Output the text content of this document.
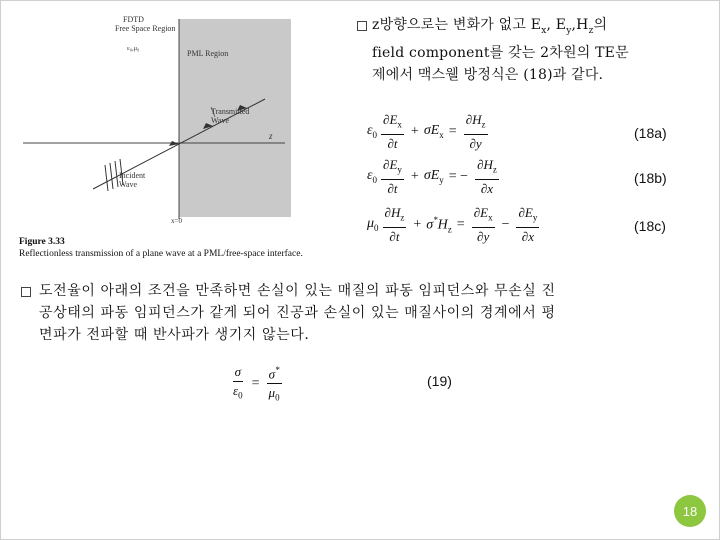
FDTD
Free Space Region
ε₀,μ₀
PML Region
Transmitted
Wave
Incident
Wave
z
x=0
Figure 3.33
Reflectionless transmission of a plane wave at a PML/free-space interface.
z방향으로는 변화가 없고 $E_x$, $E_y,H_z$의
field component를 갖는 2차원의 TE문
제에서 맥스웰 방정식은 (18)과 같다.
$\varepsilon_0 \frac{\partial E_x}{\partial t} + \sigma E_x = \frac{\partial H_z}{\partial y}$	(18a)
$\varepsilon_0 \frac{\partial E_y}{\partial t} + \sigma E_y$ = − $\frac{\partial H_z}{\partial x}$	(18b)
$\mu_0 \frac{\partial H_z}{\partial t} + \sigma^*H_z = \frac{\partial E_x}{\partial y} - \frac{\partial E_y}{\partial x}$	(18c)
도전율이 아래의 조건을 만족하면 손실이 있는 매질의 파동 임피던스와 무손실 진
공상태의 파동 임피던스가 같게 되어 진공과 손실이 있는 매질사이의 경계에서 평
면파가 전파할 때 반사파가 생기지 않는다.
$\frac{\sigma}{\varepsilon_0} = \frac{\sigma^*}{\mu_0}$	(19)
18
